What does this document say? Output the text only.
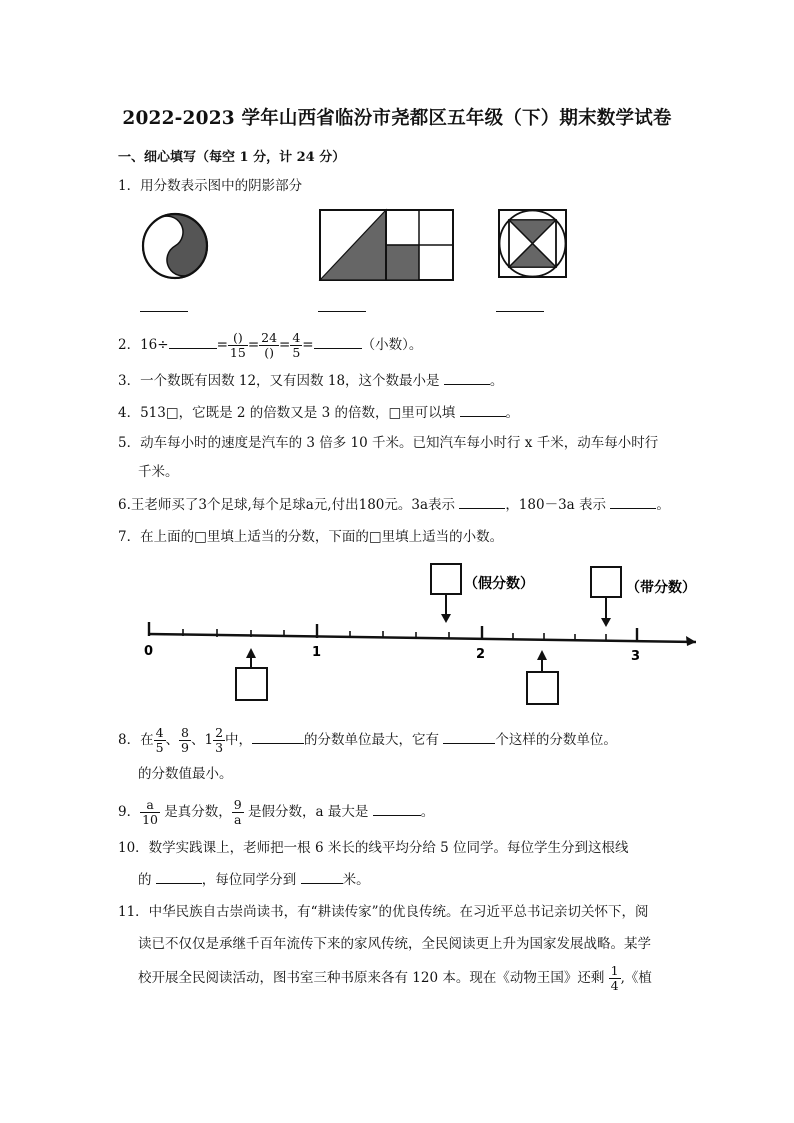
2022-2023 学年山西省临汾市尧都区五年级（下）期末数学试卷
一、细心填写（每空 1 分，计 24 分）
1．用分数表示图中的阴影部分
2．16÷	= $\frac{()}{15} = \frac{24}{()} = \frac{4}{5}$ =	（小数）。
3．一个数既有因数 12，又有因数 18，这个数最小是	。
4．513□，它既是 2 的倍数又是 3 的倍数，□里可以填	。
5．动车每小时的速度是汽车的 3 倍多 10 千米。已知汽车每小时行 x 千米，动车每小时行
千米。
6.王老师买了3个足球,每个足球a元,付出180元。3a表示	，180－3a 表示	。
7．在上面的□里填上适当的分数，下面的□里填上适当的小数。
0	1	2	3
（假分数）	（带分数）
8．在 $\frac{4}{5}$ 、 $\frac{8}{9}$ 、$1 \frac{2}{3}$ 中，	的分数单位最大，它有	个这样的分数单位。
的分数值最小。
9． $\frac{a}{10}$ 是真分数， $\frac{9}{a}$ 是假分数，a 最大是	。
10．数学实践课上，老师把一根 6 米长的线平均分给 5 位同学。每位学生分到这根线
的	，每位同学分到	米。
11．中华民族自古崇尚读书，有“耕读传家”的优良传统。在习近平总书记亲切关怀下，阅
读已不仅仅是承继千百年流传下来的家风传统，全民阅读更上升为国家发展战略。某学
校开展全民阅读活动，图书室三种书原来各有 120 本。现在《动物王国》还剩 $\frac{1}{4}$ ,《植
